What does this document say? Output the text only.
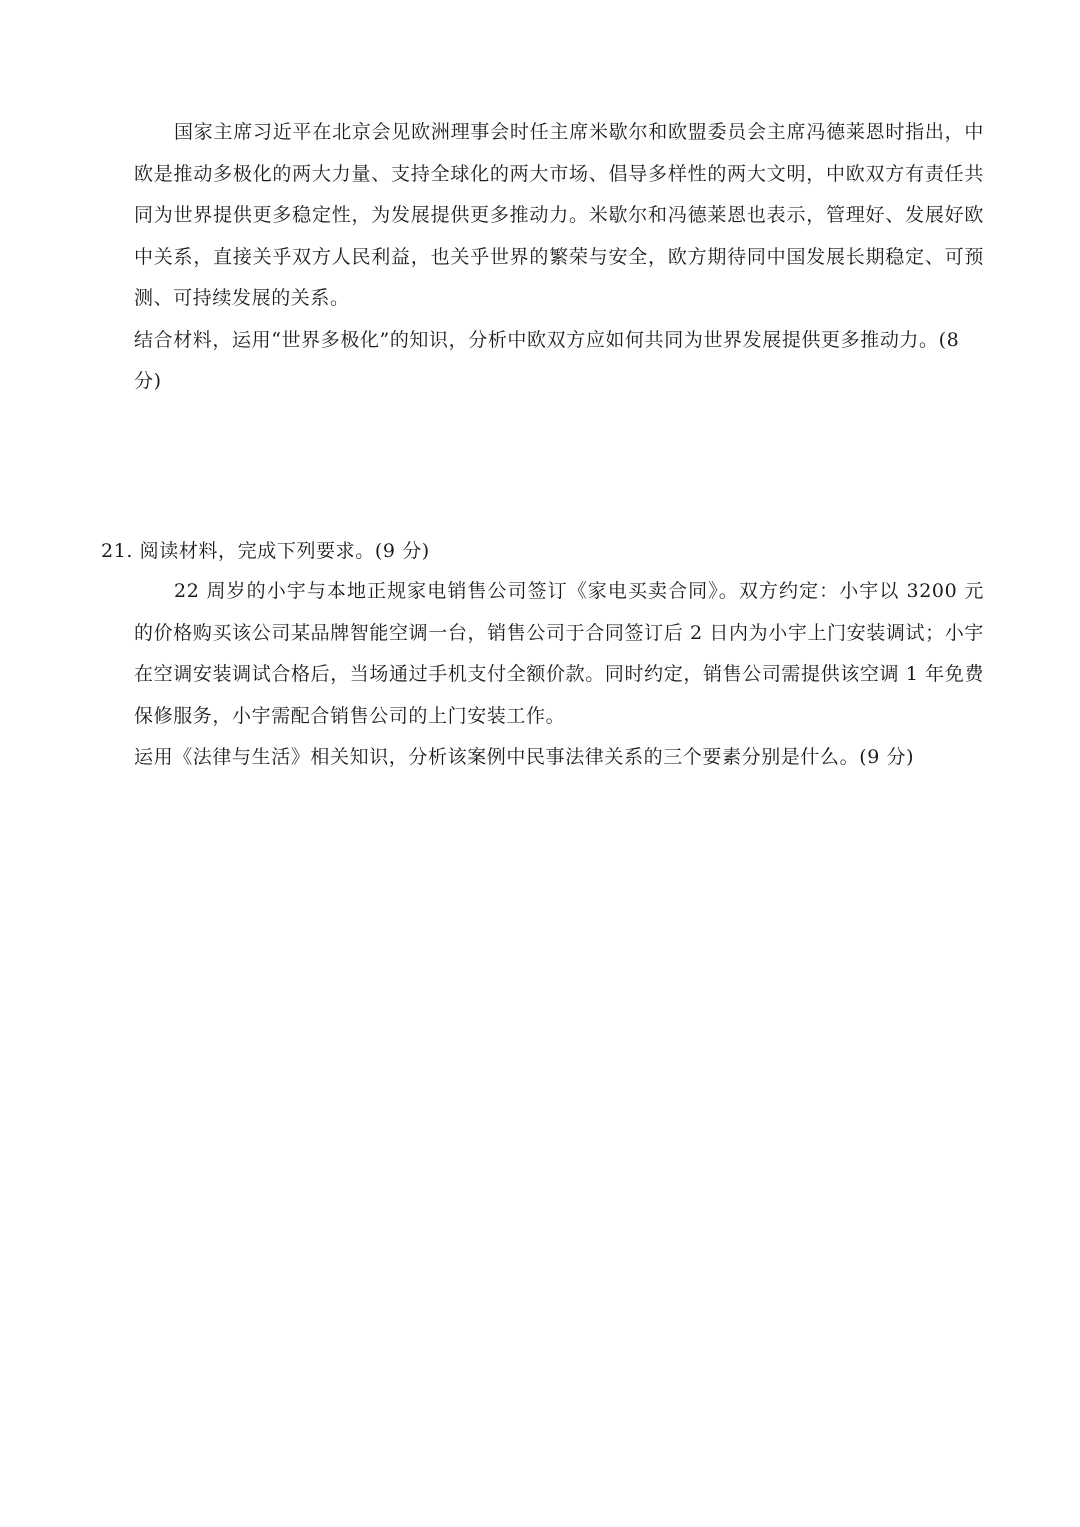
国家主席习近平在北京会见欧洲理事会时任主席米歇尔和欧盟委员会主席冯德莱恩时指出，中欧是推动多极化的两大力量、支持全球化的两大市场、倡导多样性的两大文明，中欧双方有责任共同为世界提供更多稳定性，为发展提供更多推动力。米歇尔和冯德莱恩也表示，管理好、发展好欧中关系，直接关乎双方人民利益，也关乎世界的繁荣与安全，欧方期待同中国发展长期稳定、可预测、可持续发展的关系。

结合材料，运用“世界多极化”的知识，分析中欧双方应如何共同为世界发展提供更多推动力。(8 分)

21. 阅读材料，完成下列要求。(9 分)

22 周岁的小宇与本地正规家电销售公司签订《家电买卖合同》。双方约定：小宇以 3200 元的价格购买该公司某品牌智能空调一台，销售公司于合同签订后 2 日内为小宇上门安装调试；小宇在空调安装调试合格后，当场通过手机支付全额价款。同时约定，销售公司需提供该空调 1 年免费保修服务，小宇需配合销售公司的上门安装工作。

运用《法律与生活》相关知识，分析该案例中民事法律关系的三个要素分别是什么。(9 分)
